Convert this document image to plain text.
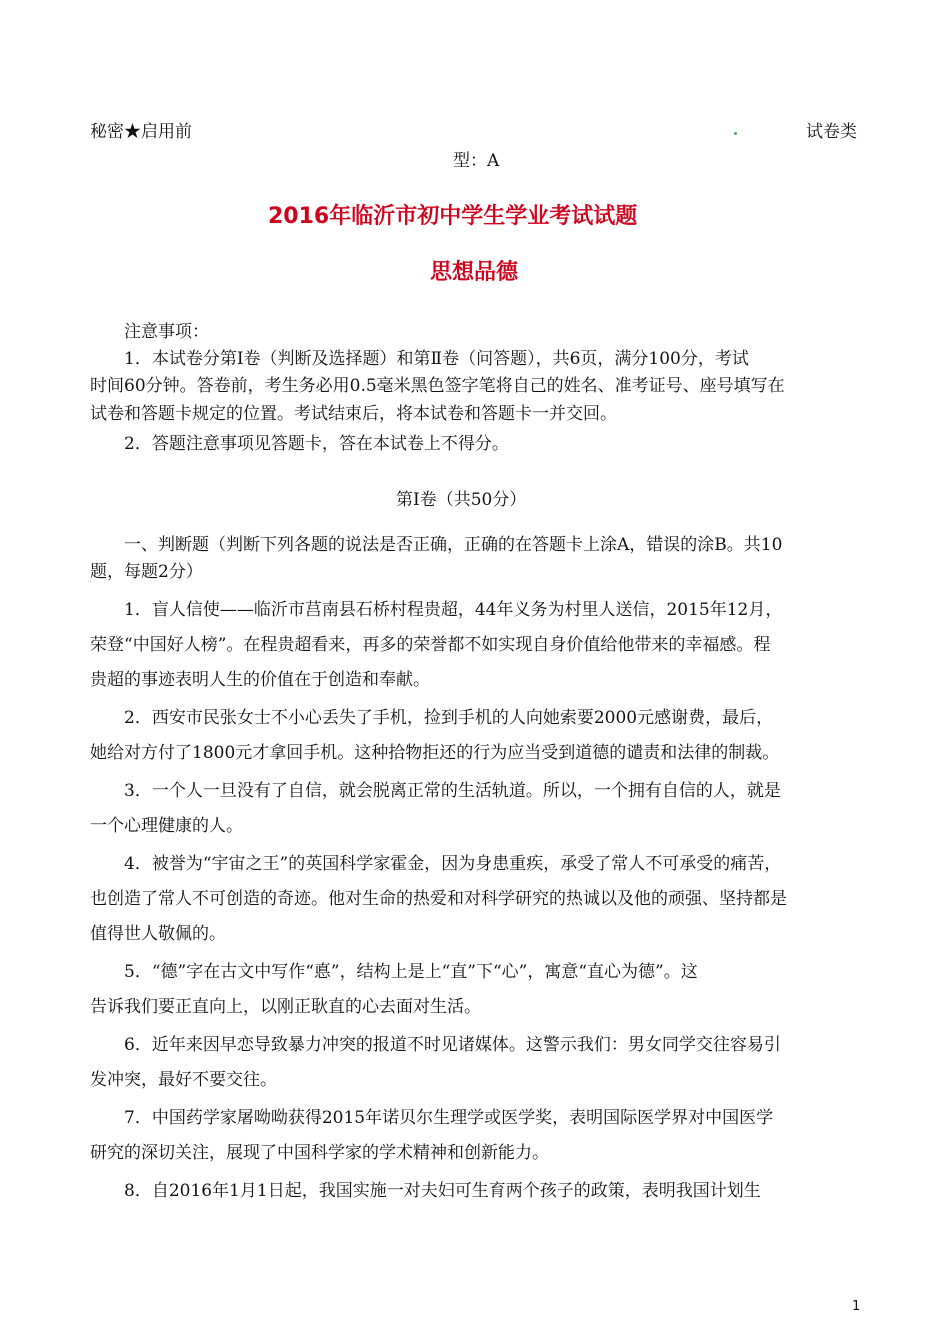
秘密★启用前	试卷类
型：A
2016年临沂市初中学生学业考试试题
思想品德
注意事项：
1．本试卷分第Ⅰ卷（判断及选择题）和第Ⅱ卷（问答题），共6页，满分100分，考试
时间60分钟。答卷前，考生务必用0.5毫米黑色签字笔将自己的姓名、准考证号、座号填写在
试卷和答题卡规定的位置。考试结束后，将本试卷和答题卡一并交回。
2．答题注意事项见答题卡，答在本试卷上不得分。
第Ⅰ卷（共50分）
一、判断题（判断下列各题的说法是否正确，正确的在答题卡上涂A，错误的涂B。共10
题，每题2分）
1．盲人信使——临沂市莒南县石桥村程贵超，44年义务为村里人送信，2015年12月，
荣登“中国好人榜”。在程贵超看来，再多的荣誉都不如实现自身价值给他带来的幸福感。程
贵超的事迹表明人生的价值在于创造和奉献。
2．西安市民张女士不小心丢失了手机，捡到手机的人向她索要2000元感谢费，最后，
她给对方付了1800元才拿回手机。这种拾物拒还的行为应当受到道德的谴责和法律的制裁。
3．一个人一旦没有了自信，就会脱离正常的生活轨道。所以，一个拥有自信的人，就是
一个心理健康的人。
4．被誉为“宇宙之王”的英国科学家霍金，因为身患重疾，承受了常人不可承受的痛苦，
也创造了常人不可创造的奇迹。他对生命的热爱和对科学研究的热诚以及他的顽强、坚持都是
值得世人敬佩的。
5．“德”字在古文中写作“悳”，结构上是上“直”下“心”，寓意“直心为德”。这
告诉我们要正直向上，以刚正耿直的心去面对生活。
6．近年来因早恋导致暴力冲突的报道不时见诸媒体。这警示我们：男女同学交往容易引
发冲突，最好不要交往。
7．中国药学家屠呦呦获得2015年诺贝尔生理学或医学奖，表明国际医学界对中国医学
研究的深切关注，展现了中国科学家的学术精神和创新能力。
8．自2016年1月1日起，我国实施一对夫妇可生育两个孩子的政策，表明我国计划生
1
